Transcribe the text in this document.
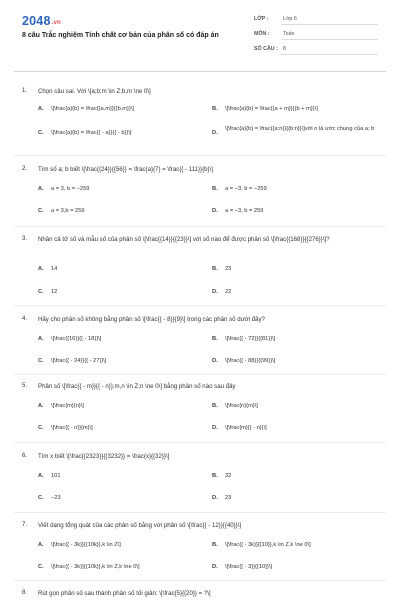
2048.vn
8 câu Trắc nghiệm Tính chất cơ bản của phân số có đáp án
LỚP :	Lớp 6
MÔN :	Toán
SỐ CÂU : 8
1. Chọn câu sai. Với \[a;b;m \in Z;b,m \ne 0\]
A. \[\frac{a}{b} = \frac{{a.m}}{{b.m}}\]	B. \[\frac{a}{b} = \frac{{a + m}}{{b + m}}\]
C. \[\frac{a}{b} = \frac{{ - a}}{{ - b}}\]	D.
\[\frac{a}{b} = \frac{{a:n}}{{b:n}}\]với n là ước chung của a; b
2. Tìm số a; b biết \[\frac{{24}}{{56}} = \frac{a}{7} = \frac{{ - 111}}{b}\]
A. a = 3, b = −259	B. a = −3, b = −259
C. a = 3,b = 259	D. a = −3, b = 259
3. Nhân cả tử số và mẫu số của phân số \[\frac{{14}}{{23}}\] với số nào để được phân số \[\frac{{168}}{{276}}\]?
A. 14	B. 23
C. 12	D. 22
4. Hãy cho phân số không bằng phân số \[\frac{{ - 8}}{9}\] trong các phân số dưới đây?
A. \[\frac{{16}}{{ - 18}}\]	B. \[\frac{{ - 72}}{{81}}\]
C. \[\frac{{ - 24}}{{ - 27}}\]	D. \[\frac{{ - 88}}{{99}}\]
5. Phân số \[\frac{{ - m}}{{ - n}};m,n \in Z;n \ne 0\] bằng phân số nào sau đây
A. \[\frac{m}{n}\]	B. \[\frac{n}{m}\]
C. \[\frac{{ - n}}{m}\]	D. \[\frac{m}{{ - n}}\]
6. Tìm x biết \[\frac{{2323}}{{3232}} = \frac{x}{{32}}\]
A. 101	B. 32
C. −23	D. 23
7. Viết dạng tổng quát của các phân số bằng với phân số \[\frac{{ - 12}}{{40}}\]
A. \[\frac{{ - 3k}}{{10k}},k \in Z\]	B. \[\frac{{ - 3k}}{{10}},k \in Z,k \ne 0\]
C. \[\frac{{ - 3k}}{{10k}},k \in Z,k \ne 0\]	D. \[\frac{{ - 3}}{{10}}\]
8. Rút gọn phân số sau thành phân số tối giản: \[\frac{5}{{20}} = ?\]
